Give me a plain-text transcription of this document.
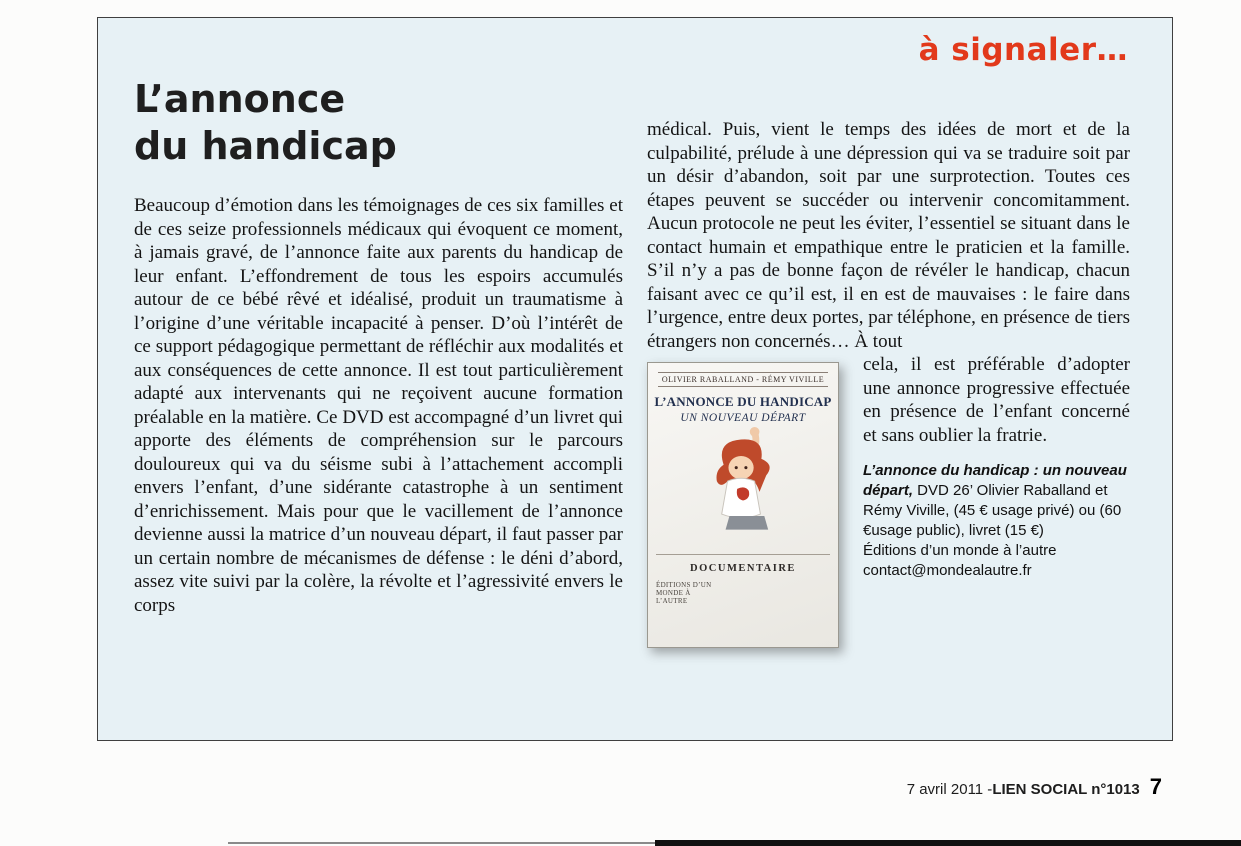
à signaler…
L’annonce
du handicap

Beaucoup d’émotion dans les témoignages de ces six familles et de ces seize professionnels médicaux qui évoquent ce moment, à jamais gravé, de l’annonce faite aux parents du handicap de leur enfant. L’effondrement de tous les espoirs accumulés autour de ce bébé rêvé et idéalisé, produit un traumatisme à l’origine d’une véritable incapacité à penser. D’où l’intérêt de ce support pédagogique permettant de réfléchir aux modalités et aux conséquences de cette annonce. Il est tout particulièrement adapté aux intervenants qui ne reçoivent aucune formation préalable en la matière. Ce DVD est accompagné d’un livret qui apporte des éléments de compréhension sur le parcours douloureux qui va du séisme subi à l’attachement accompli envers l’enfant, d’une sidérante catastrophe à un sentiment d’enrichissement. Mais pour que le vacillement de l’annonce devienne aussi la matrice d’un nouveau départ, il faut passer par un certain nombre de mécanismes de défense : le déni d’abord, assez vite suivi par la colère, la révolte et l’agressivité envers le corps

médical. Puis, vient le temps des idées de mort et de la culpabilité, prélude à une dépression qui va se traduire soit par un désir d’abandon, soit par une surprotection. Toutes ces étapes peuvent se succéder ou intervenir concomitamment. Aucun protocole ne peut les éviter, l’essentiel se situant dans le contact humain et empathique entre le praticien et la famille. S’il n’y a pas de bonne façon de révéler le handicap, chacun faisant avec ce qu’il est, il en est de mauvaises : le faire dans l’urgence, entre deux portes, par téléphone, en présence de tiers étrangers non concernés… À tout

OLIVIER RABALLAND - RÉMY VIVILLE
L’ANNONCE DU HANDICAP
UN NOUVEAU DÉPART
DOCUMENTAIRE
ÉDITIONS D’UN MONDE À L’AUTRE

cela, il est préférable d’adopter une annonce progressive effectuée en présence de l’enfant concerné et sans oublier la fratrie.

L’annonce du handicap : un nouveau départ, DVD 26’ Olivier Raballand et Rémy Viville, (45 € usage privé) ou (60 €usage public), livret (15 €)
Éditions d’un monde à l’autre
contact@mondealautre.fr
7 avril 2011 - LIEN SOCIAL n°1013 7
